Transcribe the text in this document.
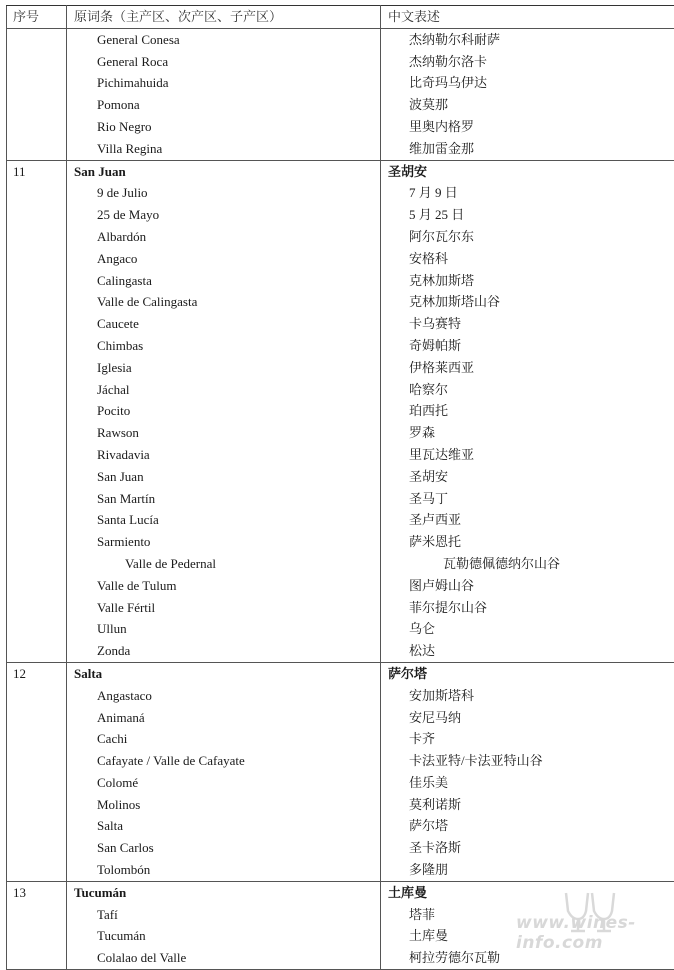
序号	原词条（主产区、次产区、子产区）	中文表述
	General Conesa	杰纳勒尔科耐萨
	General Roca	杰纳勒尔洛卡
	Pichimahuida	比奇玛乌伊达
	Pomona	波莫那
	Rio Negro	里奥内格罗
	Villa Regina	维加雷金那
11	San Juan	圣胡安
	9 de Julio	7 月 9 日
	25 de Mayo	5 月 25 日
	Albardón	阿尔瓦尔东
	Angaco	安格科
	Calingasta	克林加斯塔
	Valle de Calingasta	克林加斯塔山谷
	Caucete	卡乌赛特
	Chimbas	奇姆帕斯
	Iglesia	伊格莱西亚
	Jáchal	哈察尔
	Pocito	珀西托
	Rawson	罗森
	Rivadavia	里瓦达维亚
	San Juan	圣胡安
	San Martín	圣马丁
	Santa Lucía	圣卢西亚
	Sarmiento	萨米恩托
	Valle de Pedernal	瓦勒德佩德纳尔山谷
	Valle de Tulum	图卢姆山谷
	Valle Fértil	菲尔提尔山谷
	Ullun	乌仑
	Zonda	松达
12	Salta	萨尔塔
	Angastaco	安加斯塔科
	Animaná	安尼马纳
	Cachi	卡齐
	Cafayate / Valle de Cafayate	卡法亚特/卡法亚特山谷
	Colomé	佳乐美
	Molinos	莫利诺斯
	Salta	萨尔塔
	San Carlos	圣卡洛斯
	Tolombón	多隆朋
13	Tucumán	土库曼
	Tafí	塔菲
	Tucumán	土库曼
	Colalao del Valle	柯拉劳德尔瓦勒
www.wines-info.com
